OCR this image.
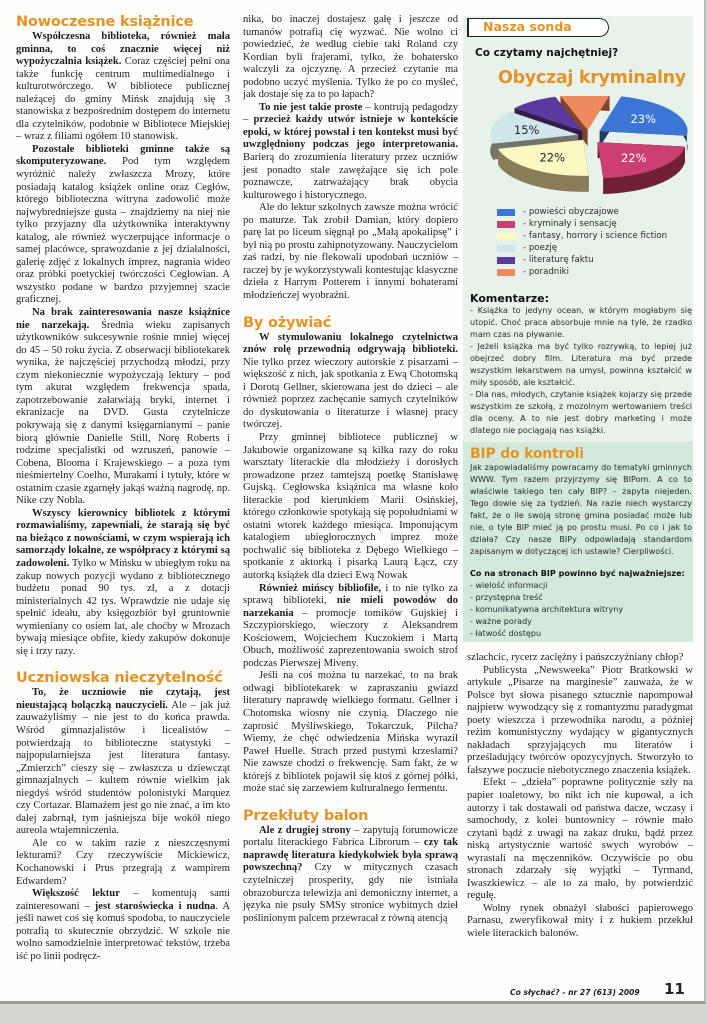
Nowoczesne książnice

Współczesna biblioteka, również mała gminna, to coś znacznie więcej niż wypożyczalnia książek. Coraz częściej pełni ona także funkcję centrum multimedialnego i kulturotwórczego. W bibliotece publicznej należącej do gminy Mińsk znajdują się 3 stanowiska z bezpośrednim dostępem do internetu dla czytelników, podobnie w Bibliotece Miejskiej – wraz z filiami ogółem 10 stanowisk.

Pozostałe biblioteki gminne także są skomputeryzowane. Pod tym względem wyróżnić należy zwłaszcza Mrozy, które posiadają katalog książek online oraz Cegłów, którego biblioteczna witryna zadowolić może najwybredniejsze gusta – znajdziemy na niej nie tylko przyjazny dla użytkownika interaktywny katalog, ale również wyczerpujące informacje o samej placówce, sprawozdanie z jej działalności, galerię zdjęć z lokalnych imprez, nagrania wideo oraz próbki poetyckiej twórczości Cegłowian. A wszystko podane w bardzo przyjemnej szacie graficznej.

Na brak zainteresowania nasze książnice nie narzekają. Średnia wieku zapisanych użytkowników sukcesywnie rośnie mniej więcej do 45 – 50 roku życia. Z obserwacji bibliotekarek wynika, że najczęściej przychodzą młodzi, przy czym niekoniecznie wypożyczają lektury – pod tym akurat względem frekwencja spada, zapotrzebowanie załatwiają bryki, internet i ekranizacje na DVD. Gusta czytelnicze pokrywają się z danymi księgarnianymi – panie biorą głównie Danielle Still, Norę Roberts i rodzime specjalistki od wzruszeń, panowie – Cobena, Blooma i Krajewskiego – a poza tym nieśmiertelny Coelho, Murakami i tytuły, które w ostatnim czasie zgarnęły jakąś ważną nagrodę, np. Nike czy Nobla.

Wszyscy kierownicy bibliotek z którymi rozmawialiśmy, zapewniali, że starają się być na bieżąco z nowościami, w czym wspierają ich samorządy lokalne, ze współpracy z którymi są zadowoleni. Tylko w Mińsku w ubiegłym roku na zakup nowych pozycji wydano z bibliotecznego budżetu ponad 90 tys. zł, a z dotacji ministerialnych 42 tys. Wprawdzie nie udaje się spełnić ideału, aby księgozbiór był gruntownie wymieniany co osiem lat, ale choćby w Mrozach bywają miesiące obfite, kiedy zakupów dokonuje się i trzy razy.

Uczniowska nieczytelność

To, że uczniowie nie czytają, jest nieustającą bolączką nauczycieli. Ale – jak już zauważyliśmy – nie jest to do końca prawda. Wśród gimnazjalistów i licealistów – potwierdzają to biblioteczne statystyki – najpopularniejsza jest literatura fantasy. „Zmierzch” cieszy się – zwłaszcza u dziewcząt gimnazjalnych – kultem równie wielkim jak niegdyś wśród studentów polonistyki Marquez czy Cortazar. Blamażem jest go nie znać, a im kto dalej zabrnął, tym jaśniejsza bije wokół niego aureola wtajemniczenia.

Ale co w takim razie z nieszczęsnymi lekturami? Czy rzeczywiście Mickiewicz, Kochanowski i Prus przegrają z wampirem Edwardem?

Większość lektur – komentują sami zainteresowani – jest staroświecka i nudna. A jeśli nawet coś się komuś spodoba, to nauczyciele potrafią to skutecznie obrzydzić. W szkole nie wolno samodzielnie interpretować tekstów, trzeba iść po linii podręcz-

nika, bo inaczej dostajesz gałę i jeszcze od tumanów potrafią cię wyzwać. Nie wolno ci powiedzieć, że według ciebie taki Roland czy Kordian byli frajerami, tylko, że bohatersko walczyli za ojczyznę. A przecież czytanie ma podobno uczyć myślenia. Tylko że po co myśleć, jak dostaje się za to po łapach?

To nie jest takie proste – kontrują pedagodzy – przecież każdy utwór istnieje w kontekście epoki, w której powstał i ten kontekst musi być uwzględniony podczas jego interpretowania. Barierą do zrozumienia literatury przez uczniów jest ponadto stale zawężające się ich pole poznawcze, zatrważający brak obycia kulturowego i historycznego.

Ale do lektur szkolnych zawsze można wrócić po maturze. Tak zrobił Damian, który dopiero parę lat po liceum sięgnął po „Małą apokalipsę” i był nią po prostu zahipnotyzowany. Nauczycielom zaś radzi, by nie flekowali upodobań uczniów – raczej by je wykorzystywali kontestując klasyczne dzieła z Harrym Potterem i innymi bohaterami młodzieńczej wyobraźni.

By ożywiać

W stymulowaniu lokalnego czytelnictwa znów rolę przewodnią odgrywają biblioteki. Nie tylko przez wieczory autorskie z pisarzami – większość z nich, jak spotkania z Ewą Chotomską i Dorotą Gellner, skierowana jest do dzieci – ale również poprzez zachęcanie samych czytelników do dyskutowania o literaturze i własnej pracy twórczej.

Przy gminnej bibliotece publicznej w Jakubowie organizowane są kilka razy do roku warsztaty literackie dla młodzieży i dorosłych prowadzone przez tamtejszą poetkę Stanisławę Gujską. Cegłowska książnica ma własne koło literackie pod kierunkiem Marii Osińskiej, którego członkowie spotykają się popołudniami w ostatni wtorek każdego miesiąca. Imponującym katalogiem ubiegłorocznych imprez może pochwalić się biblioteka z Dębego Wielkiego – spotkanie z aktorką i pisarką Laurą Łącz, czy autorką książek dla dzieci Ewą Nowak

Również mińscy bibliofile, i to nie tylko za sprawą biblioteki, nie mieli powodów do narzekania – promocje tomików Gujskiej i Szczypiorskiego, wieczory z Aleksandrem Kościowem, Wojciechem Kuczokiem i Martą Obuch, możliwość zaprezentowania swoich strof podczas Pierwszej Miveny.

Jeśli na coś można tu narzekać, to na brak odwagi bibliotekarek w zapraszaniu gwiazd literatury naprawdę wielkiego formatu. Gellner i Chotomska wiosny nie czynią. Dlaczego nie zaprosić Myśliwskiego, Tokarczuk, Pilcha? Wiemy, że chęć odwiedzenia Mińska wyraził Paweł Huelle. Strach przed pustymi krzesłami? Nie zawsze chodzi o frekwencję. Sam fakt, że w którejś z bibliotek pojawił się ktoś z górnej półki, może stać się zarzewiem kulturalnego fermentu.

Przekłuty balon

Ale z drugiej strony – zapytują forumowicze portalu literackiego Fabrica Librorum – czy tak naprawdę literatura kiedykolwiek była sprawą powszechną? Czy w mitycznych czasach czytelniczej prosperity, gdy nie istniała obrazoburcza telewizja ani demoniczny internet, a języka nie psuły SMSy stronice wybitnych dzieł poślinionym palcem przewracał z równą atencją

Nasza sonda
Co czytamy najchętniej?
Obyczaj kryminalny
23%
22%
22%
15%
- powieści obyczajowe
- kryminały i sensację
- fantasy, horrory i science fiction
- poezję
- literaturę faktu
- poradniki
Komentarze:

- Książka to jedyny ocean, w którym mogłabym się utopić. Choć praca absorbuje mnie na tyle, że rzadko mam czas na pływanie.

- Jeżeli książka ma być tylko rozrywką, to lepiej już obejrzeć dobry film. Literatura ma być przede wszystkim lekarstwem na umysł, powinna kształcić w miły sposób, ale kształcić.

- Dla nas, młodych, czytanie książek kojarzy się przede wszystkim ze szkołą, z mozolnym wertowaniem treści dla oceny. A to nie jest dobry marketing i może dlatego nie pociągają nas książki.

BIP do kontroli

Jak zapowiadaliśmy powracamy do tematyki gminnych WWW. Tym razem przyjrzymy się BIPom. A co to właściwie takiego ten cały BIP? – zapyta niejeden. Tego dowie się za tydzień. Na razie niech wystarczy fakt, że o ile swoją stronę gmina posiadać może lub nie, o tyle BIP mieć ją po prostu musi. Po co i jak to działa? Czy nasze BIPy odpowiadają standardom zapisanym w dotyczącej ich ustawie? Cierpliwości.

Co na stronach BIP powinno być najważniejsze:

- wielość informacji
- przystępna treść
- komunikatywna architektura witryny
- ważne porady
- łatwość dostępu

szlachcic, rycerz zaciężny i pańszczyźniany chłop?

Publicysta „Newsweeka” Piotr Bratkowski w artykule „Pisarze na marginesie” zauważa, że w Polsce byt słowa pisanego sztucznie napompował najpierw wywodzący się z romantyzmu paradygmat poety wieszcza i przewodnika narodu, a później reżim komunistyczny wydający w gigantycznych nakładach sprzyjających mu literatów i prześladujący twórców opozycyjnych. Stworzyło to fałszywe poczucie niebotycznego znaczenia książek.

Efekt – „dzieła” poprawne politycznie szły na papier toaletowy, bo nikt ich nie kupował, a ich autorzy i tak dostawali od państwa dacze, wczasy i samochody, z kolei buntownicy – równie mało czytani bądź z uwagi na zakaz druku, bądź przez niską artystycznie wartość swych wyrobów – wyrastali na męczenników. Oczywiście po obu stronach zdarzały się wyjątki – Tyrmand, Iwaszkiewicz – ale to za mało, by potwierdzić regułę.

Wolny rynek obnażył słabości papierowego Parnasu, zweryfikował mity i z hukiem przekłuł wiele literackich balonów.

Co słychać? - nr 27 (613) 2009 11
